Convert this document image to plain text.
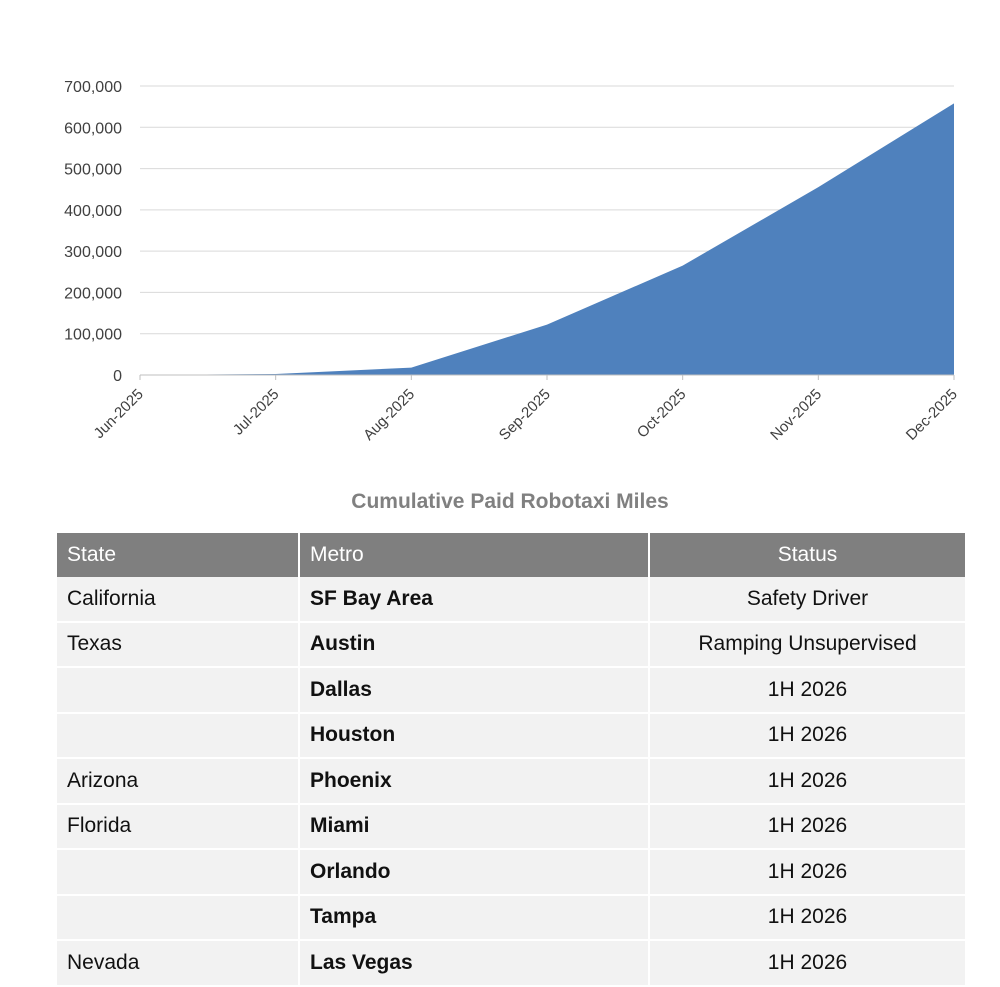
0
100,000
200,000
300,000
400,000
500,000
600,000
700,000
Jun-2025	Jul-2025	Aug-2025	Sep-2025	Oct-2025	Nov-2025	Dec-2025
Cumulative Paid Robotaxi Miles
State	Metro	Status
California	SF Bay Area	Safety Driver
Texas	Austin	Ramping Unsupervised
	Dallas	1H 2026
	Houston	1H 2026
Arizona	Phoenix	1H 2026
Florida	Miami	1H 2026
	Orlando	1H 2026
	Tampa	1H 2026
Nevada	Las Vegas	1H 2026
